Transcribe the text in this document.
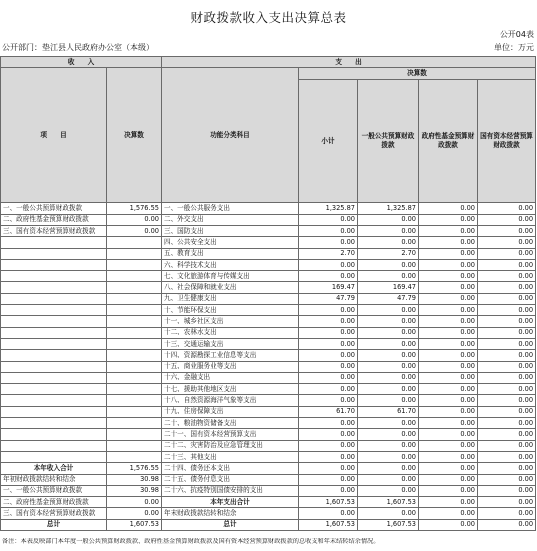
财政拨款收入支出决算总表
公开04表
公开部门：垫江县人民政府办公室（本级）	单位：万元
收　　入		支　　出				
项　　目	决算数	功能分类科目	决算数			
			小计	一般公共预算财政拨款	政府性基金预算财政拨款	国有资本经营预算财政拨款

一、一般公共预算财政拨款	1,576.55	一、一般公共服务支出	1,325.87	1,325.87	0.00	0.00
二、政府性基金预算财政拨款	0.00	二、外交支出	0.00	0.00	0.00	0.00
三、国有资本经营预算财政拨款	0.00	三、国防支出	0.00	0.00	0.00	0.00
		四、公共安全支出	0.00	0.00	0.00	0.00
		五、教育支出	2.70	2.70	0.00	0.00
		六、科学技术支出	0.00	0.00	0.00	0.00
		七、文化旅游体育与传媒支出	0.00	0.00	0.00	0.00
		八、社会保障和就业支出	169.47	169.47	0.00	0.00
		九、卫生健康支出	47.79	47.79	0.00	0.00
		十、节能环保支出	0.00	0.00	0.00	0.00
		十一、城乡社区支出	0.00	0.00	0.00	0.00
		十二、农林水支出	0.00	0.00	0.00	0.00
		十三、交通运输支出	0.00	0.00	0.00	0.00
		十四、资源勘探工业信息等支出	0.00	0.00	0.00	0.00
		十五、商业服务业等支出	0.00	0.00	0.00	0.00
		十六、金融支出	0.00	0.00	0.00	0.00
		十七、援助其他地区支出	0.00	0.00	0.00	0.00
		十八、自然资源海洋气象等支出	0.00	0.00	0.00	0.00
		十九、住房保障支出	61.70	61.70	0.00	0.00
		二十、粮油物资储备支出	0.00	0.00	0.00	0.00
		二十一、国有资本经营预算支出	0.00	0.00	0.00	0.00
		二十二、灾害防治及应急管理支出	0.00	0.00	0.00	0.00
		二十三、其他支出	0.00	0.00	0.00	0.00
本年收入合计	1,576.55	二十四、债务还本支出	0.00	0.00	0.00	0.00
年初财政拨款结转和结余	30.98	二十五、债务付息支出	0.00	0.00	0.00	0.00
一、一般公共预算财政拨款	30.98	二十六、抗疫特别国债安排的支出	0.00	0.00	0.00	0.00
二、政府性基金预算财政拨款	0.00	本年支出合计	1,607.53	1,607.53	0.00	0.00
三、国有资本经营预算财政拨款	0.00	年末财政拨款结转和结余	0.00	0.00	0.00	0.00
总计	1,607.53	总计	1,607.53	1,607.53	0.00	0.00
备注：本表反映部门本年度一般公共预算财政拨款、政府性基金预算财政拨款及国有资本经营预算财政拨款的总收支和年末结转结余情况。
